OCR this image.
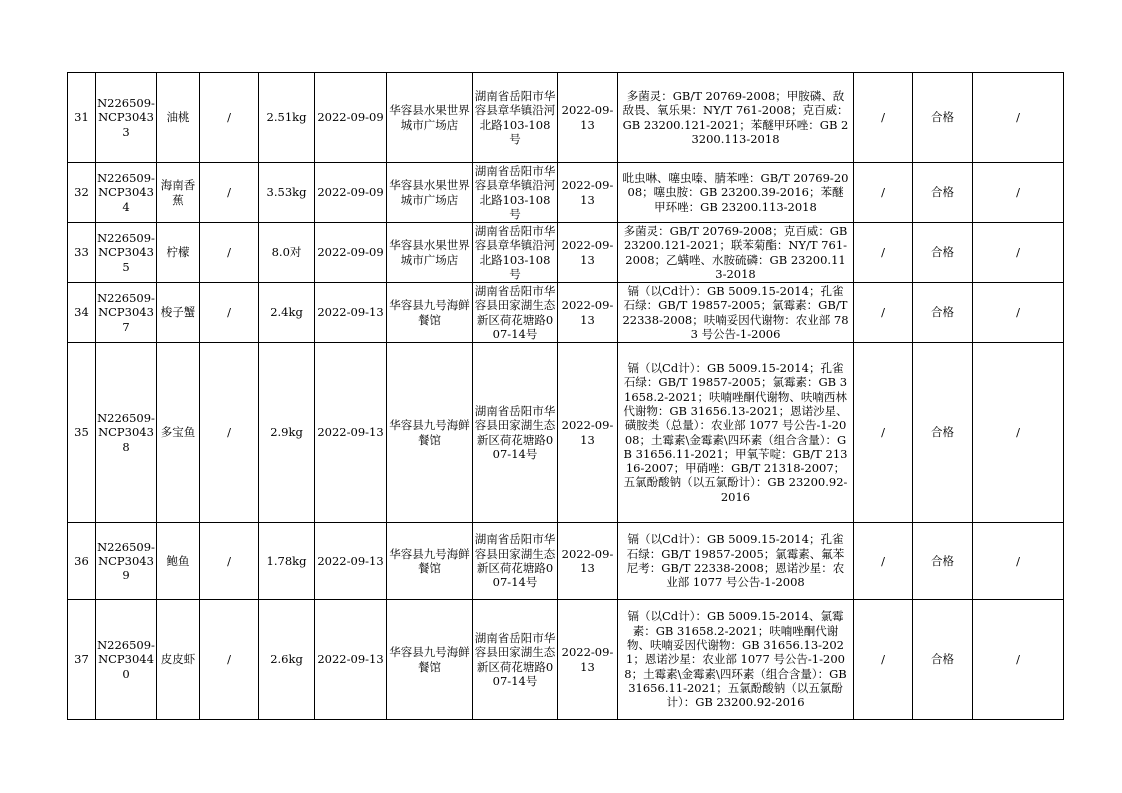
31	N226509-NCP30433	油桃	/	2.51kg	2022-09-09	华容县水果世界城市广场店	湖南省岳阳市华容县章华镇沿河北路103-108号	2022-09-13	多菌灵：GB/T 20769-2008；甲胺磷、敌敌畏、氧乐果：NY/T 761-2008；克百威：GB 23200.121-2021；苯醚甲环唑：GB 23200.113-2018	/	合格	/
32	N226509-NCP30434	海南香蕉	/	3.53kg	2022-09-09	华容县水果世界城市广场店	湖南省岳阳市华容县章华镇沿河北路103-108号	2022-09-13	吡虫啉、噻虫嗪、腈苯唑：GB/T 20769-2008；噻虫胺：GB 23200.39-2016；苯醚甲环唑：GB 23200.113-2018	/	合格	/
33	N226509-NCP30435	柠檬	/	8.0对	2022-09-09	华容县水果世界城市广场店	湖南省岳阳市华容县章华镇沿河北路103-108号	2022-09-13	多菌灵：GB/T 20769-2008；克百威：GB 23200.121-2021；联苯菊酯：NY/T 761-2008；乙螨唑、水胺硫磷：GB 23200.113-2018	/	合格	/
34	N226509-NCP30437	梭子蟹	/	2.4kg	2022-09-13	华容县九号海鲜餐馆	湖南省岳阳市华容县田家湖生态新区荷花塘路007-14号	2022-09-13	镉（以Cd计）：GB 5009.15-2014；孔雀石绿：GB/T 19857-2005；氯霉素：GB/T 22338-2008；呋喃妥因代谢物：农业部 783 号公告-1-2006	/	合格	/
35	N226509-NCP30438	多宝鱼	/	2.9kg	2022-09-13	华容县九号海鲜餐馆	湖南省岳阳市华容县田家湖生态新区荷花塘路007-14号	2022-09-13	镉（以Cd计）：GB 5009.15-2014；孔雀石绿：GB/T 19857-2005；氯霉素：GB 31658.2-2021；呋喃唑酮代谢物、呋喃西林代谢物：GB 31656.13-2021；恩诺沙星、磺胺类（总量）：农业部 1077 号公告-1-2008；土霉素\金霉素\四环素（组合含量）：GB 31656.11-2021；甲氧苄啶：GB/T 21316-2007；甲硝唑：GB/T 21318-2007；五氯酚酸钠（以五氯酚计）：GB 23200.92-2016	/	合格	/
36	N226509-NCP30439	鲍鱼	/	1.78kg	2022-09-13	华容县九号海鲜餐馆	湖南省岳阳市华容县田家湖生态新区荷花塘路007-14号	2022-09-13	镉（以Cd计）：GB 5009.15-2014；孔雀石绿：GB/T 19857-2005；氯霉素、氟苯尼考：GB/T 22338-2008；恩诺沙星：农业部 1077 号公告-1-2008	/	合格	/
37	N226509-NCP30440	皮皮虾	/	2.6kg	2022-09-13	华容县九号海鲜餐馆	湖南省岳阳市华容县田家湖生态新区荷花塘路007-14号	2022-09-13	镉（以Cd计）：GB 5009.15-2014、氯霉素：GB 31658.2-2021；呋喃唑酮代谢物、呋喃妥因代谢物：GB 31656.13-2021；恩诺沙星：农业部 1077 号公告-1-2008；土霉素\金霉素\四环素（组合含量）：GB 31656.11-2021；五氯酚酸钠（以五氯酚计）：GB 23200.92-2016	/	合格	/
